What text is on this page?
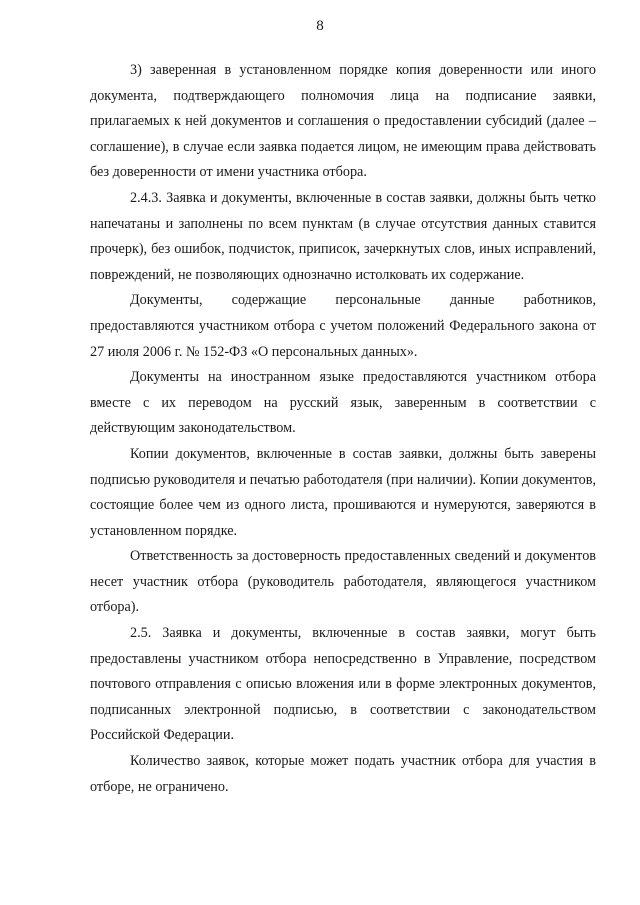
8

3) заверенная в установленном порядке копия доверенности или иного документа, подтверждающего полномочия лица на подписание заявки, прилагаемых к ней документов и соглашения о предоставлении субсидий (далее – соглашение), в случае если заявка подается лицом, не имеющим права действовать без доверенности от имени участника отбора.

2.4.3. Заявка и документы, включенные в состав заявки, должны быть четко напечатаны и заполнены по всем пунктам (в случае отсутствия данных ставится прочерк), без ошибок, подчисток, приписок, зачеркнутых слов, иных исправлений, повреждений, не позволяющих однозначно истолковать их содержание.

Документы, содержащие персональные данные работников, предоставляются участником отбора с учетом положений Федерального закона от 27 июля 2006 г. № 152-ФЗ «О персональных данных».

Документы на иностранном языке предоставляются участником отбора вместе с их переводом на русский язык, заверенным в соответствии с действующим законодательством.

Копии документов, включенные в состав заявки, должны быть заверены подписью руководителя и печатью работодателя (при наличии). Копии документов, состоящие более чем из одного листа, прошиваются и нумеруются, заверяются в установленном порядке.

Ответственность за достоверность предоставленных сведений и документов несет участник отбора (руководитель работодателя, являющегося участником отбора).

2.5. Заявка и документы, включенные в состав заявки, могут быть предоставлены участником отбора непосредственно в Управление, посредством почтового отправления с описью вложения или в форме электронных документов, подписанных электронной подписью, в соответствии с законодательством Российской Федерации.

Количество заявок, которые может подать участник отбора для участия в отборе, не ограничено.
